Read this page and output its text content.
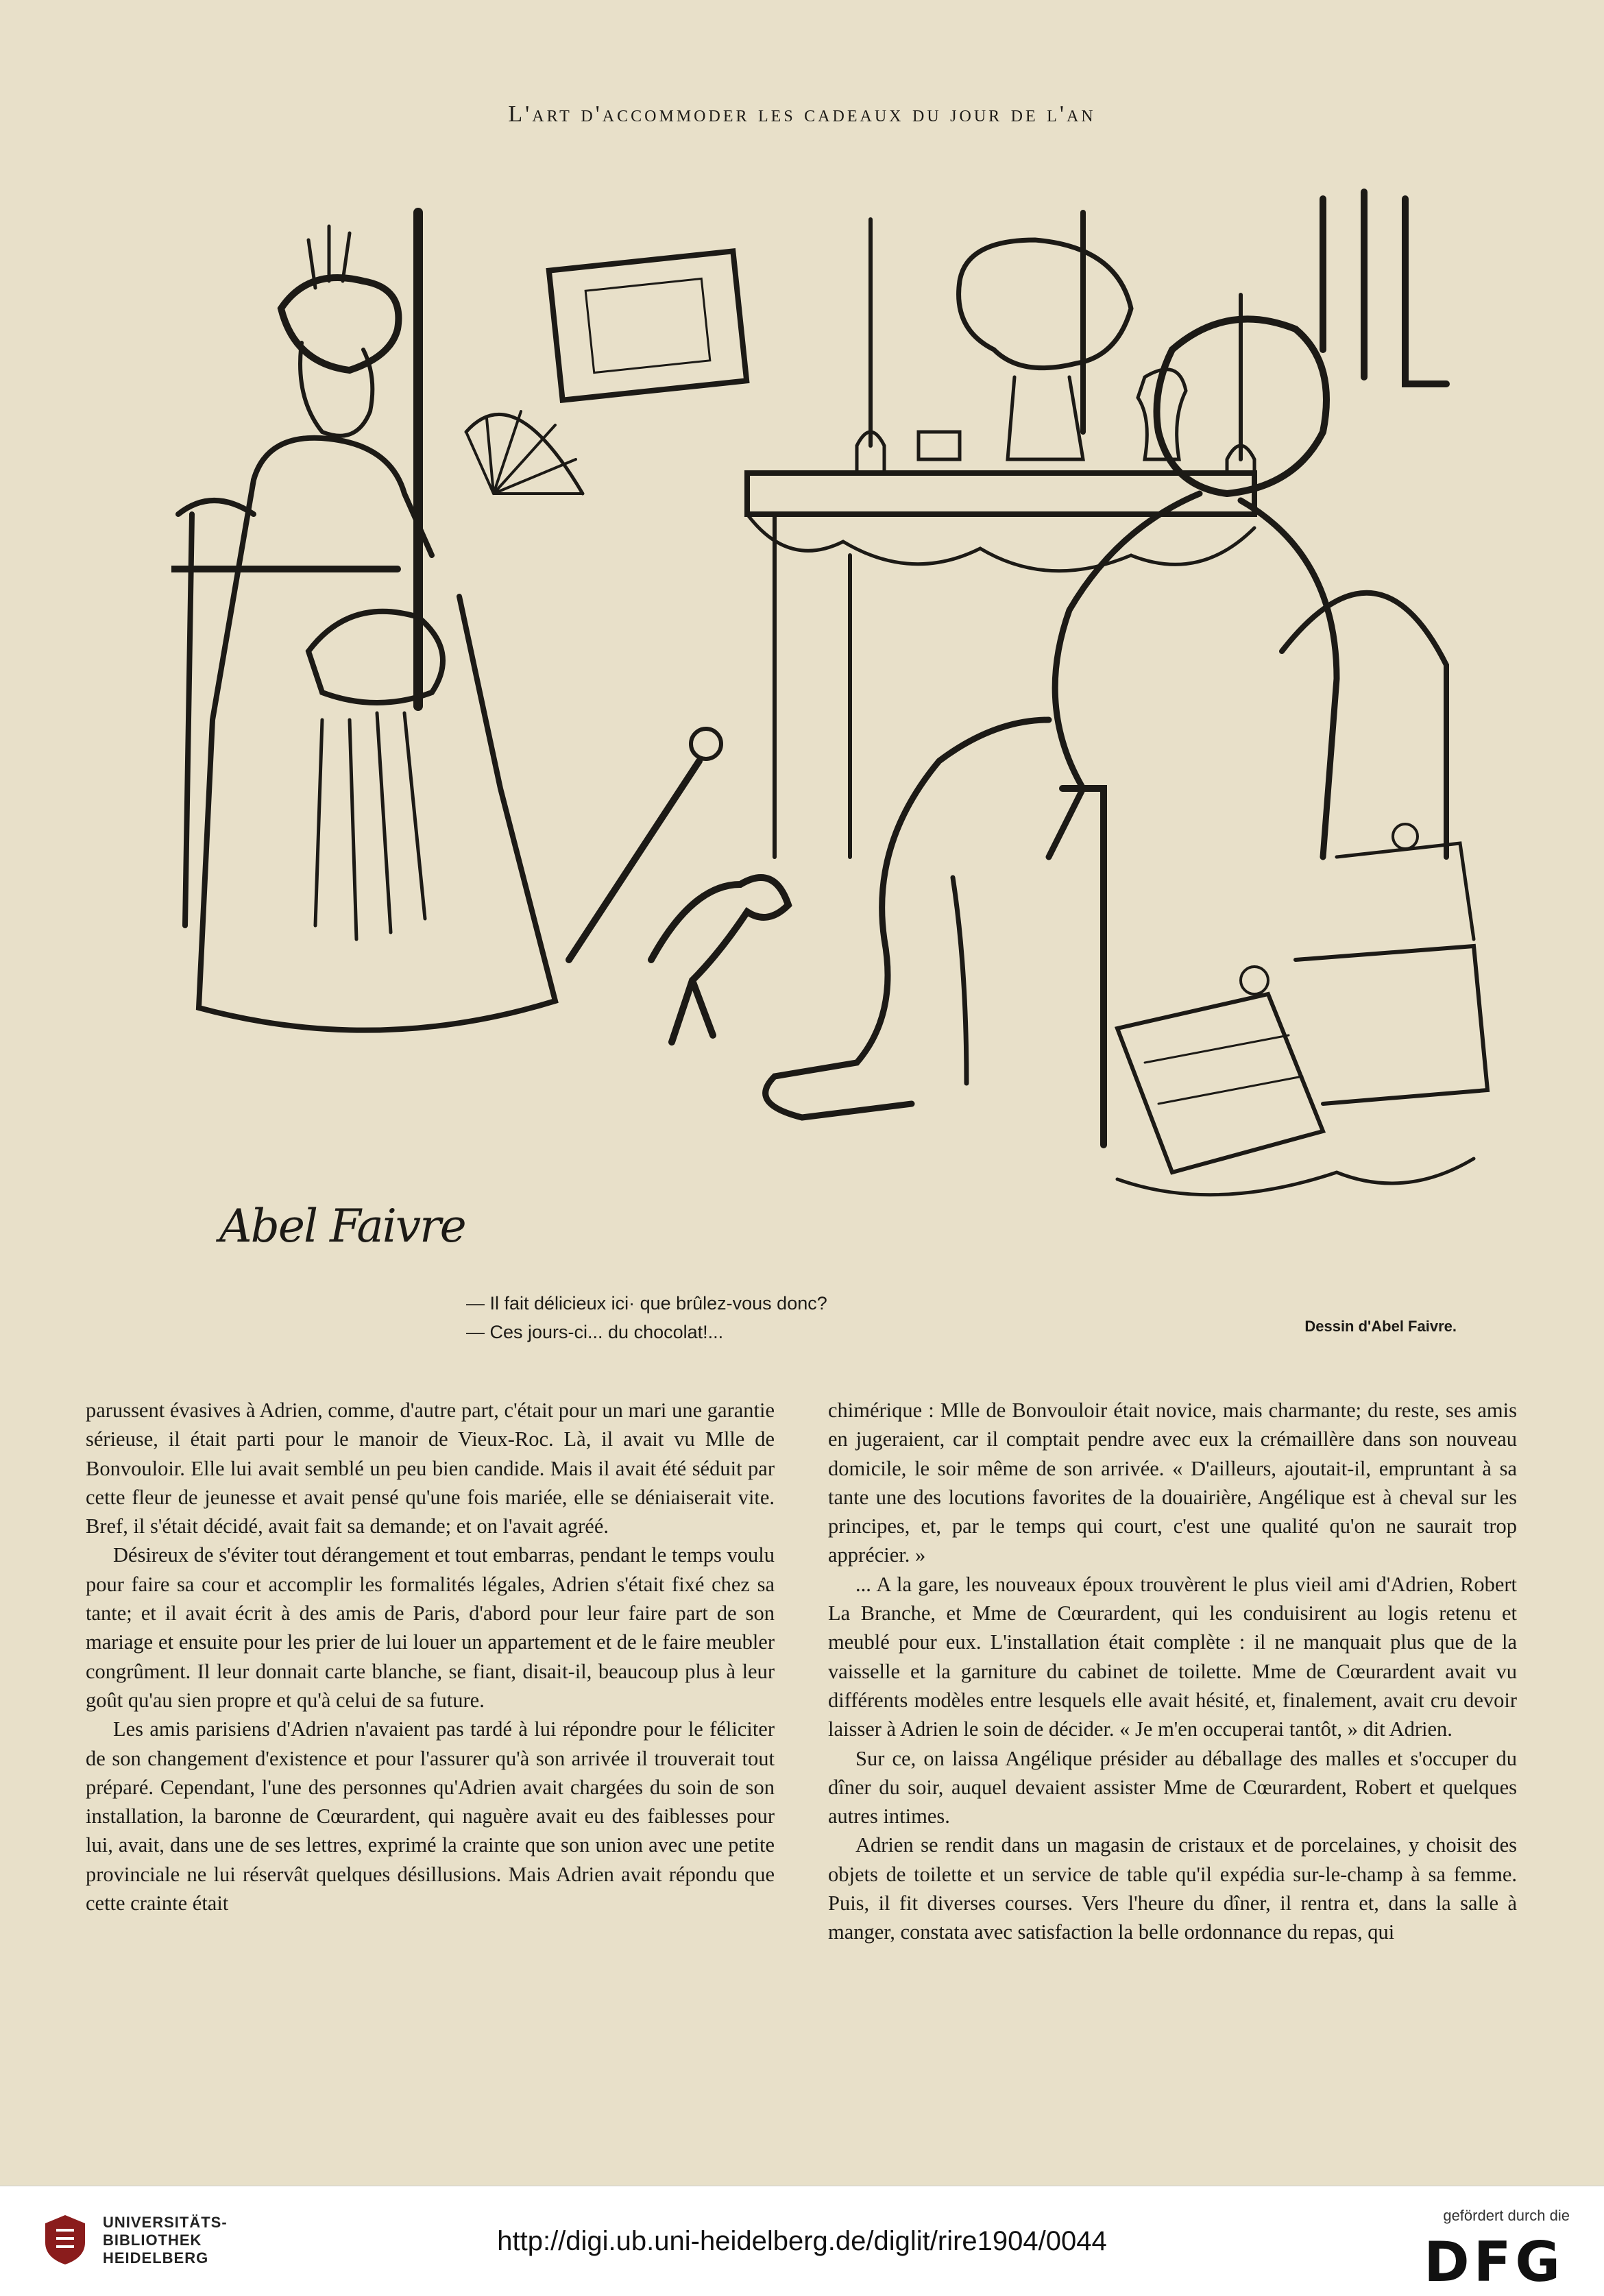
L'art d'accommoder les cadeaux du jour de l'an
Abel Faivre
— Il fait délicieux ici· que brûlez-vous donc?
— Ces jours-ci... du chocolat!...	Dessin d'Abel Faivre.

parussent évasives à Adrien, comme, d'autre part, c'était pour un mari une garantie sérieuse, il était parti pour le manoir de Vieux-Roc. Là, il avait vu Mlle de Bonvouloir. Elle lui avait semblé un peu bien candide. Mais il avait été séduit par cette fleur de jeunesse et avait pensé qu'une fois mariée, elle se déniaiserait vite. Bref, il s'était décidé, avait fait sa demande; et on l'avait agréé.

Désireux de s'éviter tout dérangement et tout embarras, pendant le temps voulu pour faire sa cour et accomplir les formalités légales, Adrien s'était fixé chez sa tante; et il avait écrit à des amis de Paris, d'abord pour leur faire part de son mariage et ensuite pour les prier de lui louer un appartement et de le faire meubler congrûment. Il leur donnait carte blanche, se fiant, disait-il, beaucoup plus à leur goût qu'au sien propre et qu'à celui de sa future.

Les amis parisiens d'Adrien n'avaient pas tardé à lui répondre pour le féliciter de son changement d'existence et pour l'assurer qu'à son arrivée il trouverait tout préparé. Cependant, l'une des personnes qu'Adrien avait chargées du soin de son installation, la baronne de Cœurardent, qui naguère avait eu des faiblesses pour lui, avait, dans une de ses lettres, exprimé la crainte que son union avec une petite provinciale ne lui réservât quelques désillusions. Mais Adrien avait répondu que cette crainte était

chimérique : Mlle de Bonvouloir était novice, mais charmante; du reste, ses amis en jugeraient, car il comptait pendre avec eux la crémaillère dans son nouveau domicile, le soir même de son arrivée. « D'ailleurs, ajoutait-il, empruntant à sa tante une des locutions favorites de la douairière, Angélique est à cheval sur les principes, et, par le temps qui court, c'est une qualité qu'on ne saurait trop apprécier. »

... A la gare, les nouveaux époux trouvèrent le plus vieil ami d'Adrien, Robert La Branche, et Mme de Cœurardent, qui les conduisirent au logis retenu et meublé pour eux. L'installation était complète : il ne manquait plus que de la vaisselle et la garniture du cabinet de toilette. Mme de Cœurardent avait vu différents modèles entre lesquels elle avait hésité, et, finalement, avait cru devoir laisser à Adrien le soin de décider. « Je m'en occuperai tantôt, » dit Adrien.

Sur ce, on laissa Angélique présider au déballage des malles et s'occuper du dîner du soir, auquel devaient assister Mme de Cœurardent, Robert et quelques autres intimes.

Adrien se rendit dans un magasin de cristaux et de porcelaines, y choisit des objets de toilette et un service de table qu'il expédia sur-le-champ à sa femme. Puis, il fit diverses courses. Vers l'heure du dîner, il rentra et, dans la salle à manger, constata avec satisfaction la belle ordonnance du repas, qui

UNIVERSITÄTS-
BIBLIOTHEK
HEIDELBERG
http://digi.ub.uni-heidelberg.de/diglit/rire1904/0044
gefördert durch die
DFG
